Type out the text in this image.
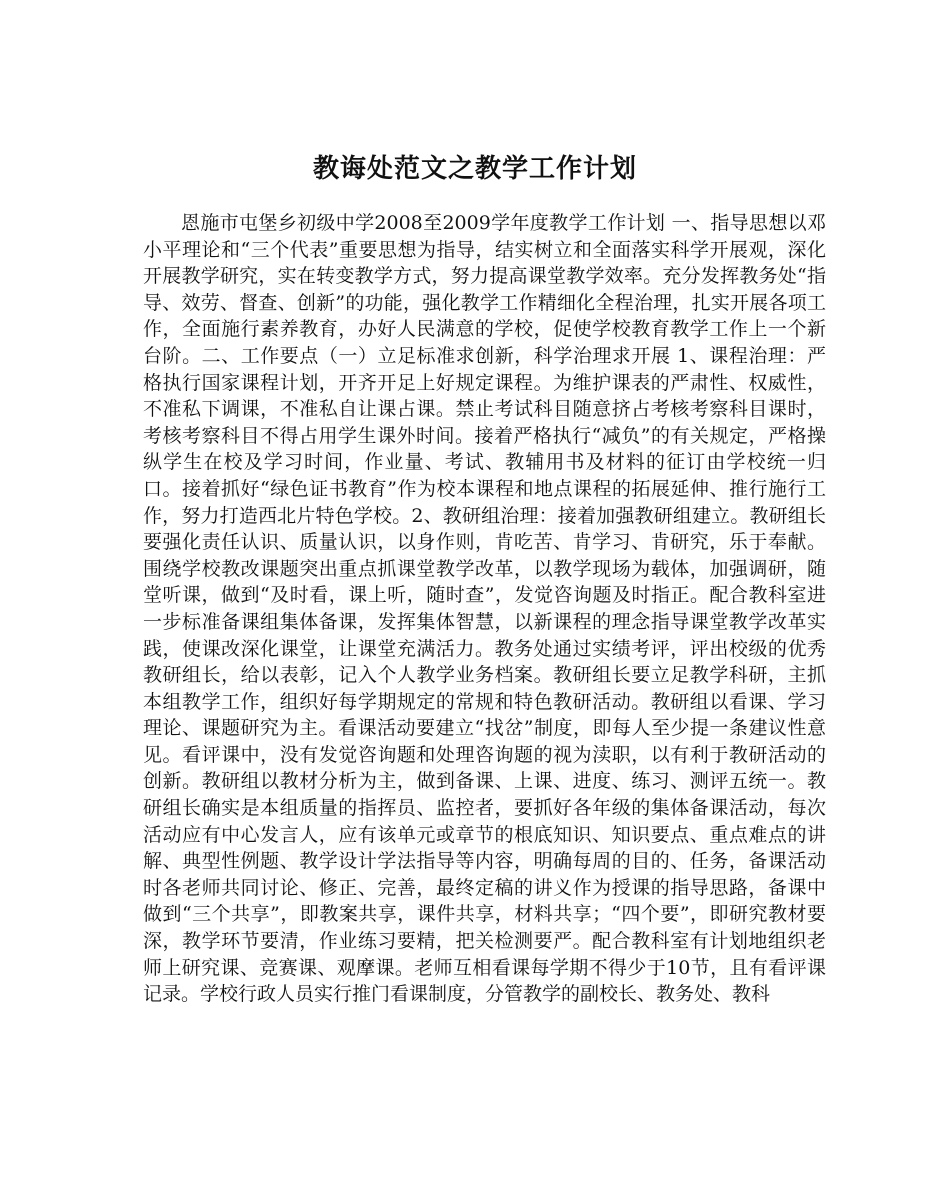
教诲处范文之教学工作计划

恩施市屯堡乡初级中学2008至2009学年度教学工作计划 一、指导思想以邓小平理论和“三个代表”重要思想为指导，结实树立和全面落实科学开展观，深化开展教学研究，实在转变教学方式，努力提高课堂教学效率。充分发挥教务处“指导、效劳、督查、创新”的功能，强化教学工作精细化全程治理，扎实开展各项工作，全面施行素养教育，办好人民满意的学校，促使学校教育教学工作上一个新台阶。二、工作要点（一）立足标准求创新，科学治理求开展 1、课程治理：严格执行国家课程计划，开齐开足上好规定课程。为维护课表的严肃性、权威性，不准私下调课，不准私自让课占课。禁止考试科目随意挤占考核考察科目课时，考核考察科目不得占用学生课外时间。接着严格执行“减负”的有关规定，严格操纵学生在校及学习时间，作业量、考试、教辅用书及材料的征订由学校统一归口。接着抓好“绿色证书教育”作为校本课程和地点课程的拓展延伸、推行施行工作，努力打造西北片特色学校。2、教研组治理：接着加强教研组建立。教研组长要强化责任认识、质量认识，以身作则，肯吃苦、肯学习、肯研究，乐于奉献。围绕学校教改课题突出重点抓课堂教学改革，以教学现场为载体，加强调研，随堂听课，做到“及时看，课上听，随时查”，发觉咨询题及时指正。配合教科室进一步标准备课组集体备课，发挥集体智慧，以新课程的理念指导课堂教学改革实践，使课改深化课堂，让课堂充满活力。教务处通过实绩考评，评出校级的优秀教研组长，给以表彰，记入个人教学业务档案。教研组长要立足教学科研，主抓本组教学工作，组织好每学期规定的常规和特色教研活动。教研组以看课、学习理论、课题研究为主。看课活动要建立“找岔”制度，即每人至少提一条建议性意见。看评课中，没有发觉咨询题和处理咨询题的视为渎职，以有利于教研活动的创新。教研组以教材分析为主，做到备课、上课、进度、练习、测评五统一。教研组长确实是本组质量的指挥员、监控者，要抓好各年级的集体备课活动，每次活动应有中心发言人，应有该单元或章节的根底知识、知识要点、重点难点的讲解、典型性例题、教学设计学法指导等内容，明确每周的目的、任务，备课活动时各老师共同讨论、修正、完善，最终定稿的讲义作为授课的指导思路，备课中做到“三个共享”，即教案共享，课件共享，材料共享；“四个要”，即研究教材要深，教学环节要清，作业练习要精，把关检测要严。配合教科室有计划地组织老师上研究课、竞赛课、观摩课。老师互相看课每学期不得少于10节，且有看评课记录。学校行政人员实行推门看课制度，分管教学的副校长、教务处、教科
